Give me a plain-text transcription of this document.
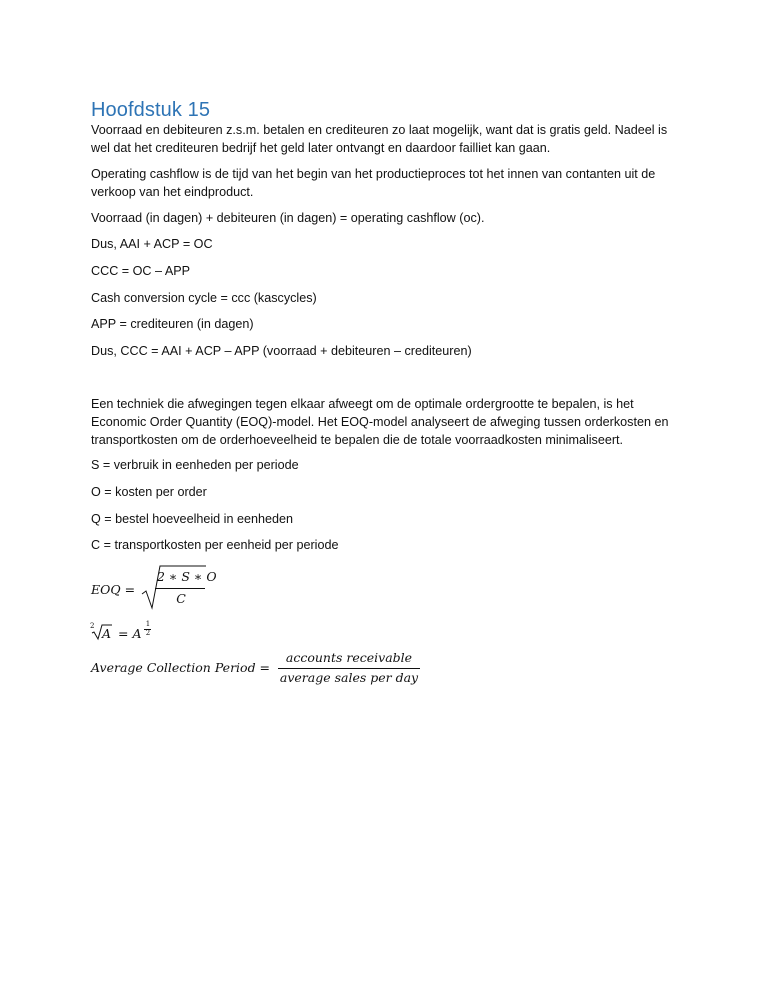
Hoofdstuk 15
Voorraad en debiteuren z.s.m. betalen en crediteuren zo laat mogelijk, want dat is gratis geld. Nadeel is wel dat het crediteuren bedrijf het geld later ontvangt en daardoor failliet kan gaan.
Operating cashflow is de tijd van het begin van het productieproces tot het innen van contanten uit de verkoop van het eindproduct.
Voorraad (in dagen) + debiteuren (in dagen) = operating cashflow (oc).
Dus, AAI + ACP = OC
CCC = OC – APP
Cash conversion cycle = ccc (kascycles)
APP = crediteuren (in dagen)
Dus, CCC = AAI + ACP – APP (voorraad + debiteuren – crediteuren)
Een techniek die afwegingen tegen elkaar afweegt om de optimale ordergrootte te bepalen, is het Economic Order Quantity (EOQ)-model. Het EOQ-model analyseert de afweging tussen orderkosten en transportkosten om de orderhoeveelheid te bepalen die de totale voorraadkosten minimaliseert.
S = verbruik in eenheden per periode
O = kosten per order
Q = bestel hoeveelheid in eenheden
C = transportkosten per eenheid per periode
EOQ =
2 ∗ S ∗ O
C
2 A = A
1
2
Average Collection Period =
accounts receivable
average sales per day
